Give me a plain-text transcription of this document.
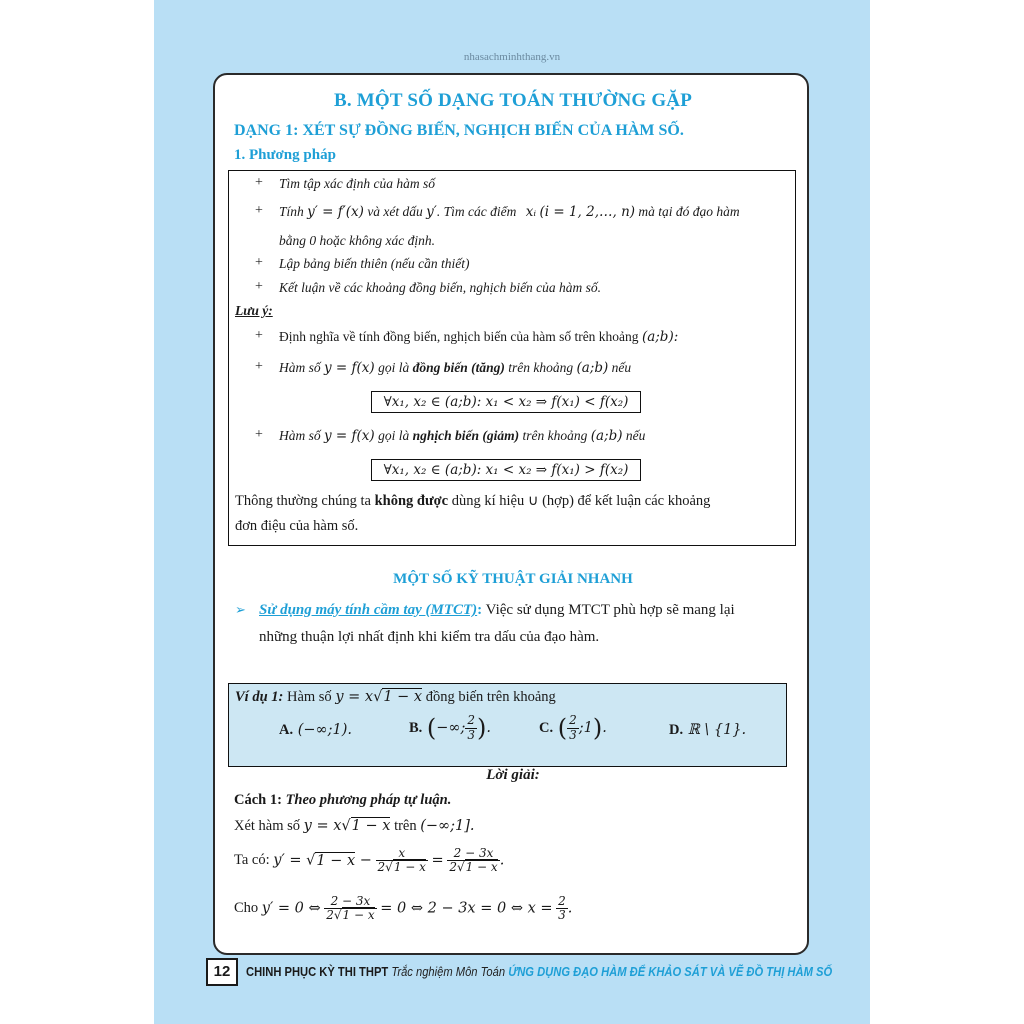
nhasachminhthang.vn
B. MỘT SỐ DẠNG TOÁN THƯỜNG GẶP
DẠNG 1: XÉT SỰ ĐỒNG BIẾN, NGHỊCH BIẾN CỦA HÀM SỐ.
1. Phương pháp
+ Tìm tập xác định của hàm số
+ Tính y′ = f′(x) và xét dấu y′. Tìm các điểm xᵢ (i = 1, 2,…, n) mà tại đó đạo hàm
bằng 0 hoặc không xác định.
+ Lập bảng biến thiên (nếu cần thiết)
+ Kết luận về các khoảng đồng biến, nghịch biến của hàm số.
Lưu ý:
+ Định nghĩa về tính đồng biến, nghịch biến của hàm số trên khoảng (a;b):
+ Hàm số y = f(x) gọi là đồng biến (tăng) trên khoảng (a;b) nếu
∀x₁, x₂ ∈ (a;b): x₁ < x₂ ⇒ f(x₁) < f(x₂)
+ Hàm số y = f(x) gọi là nghịch biến (giảm) trên khoảng (a;b) nếu
∀x₁, x₂ ∈ (a;b): x₁ < x₂ ⇒ f(x₁) > f(x₂)
Thông thường chúng ta không được dùng kí hiệu ∪ (hợp) để kết luận các khoảng
đơn điệu của hàm số.
MỘT SỐ KỸ THUẬT GIẢI NHANH
➢ Sử dụng máy tính cầm tay (MTCT): Việc sử dụng MTCT phù hợp sẽ mang lại
những thuận lợi nhất định khi kiểm tra dấu của đạo hàm.
Ví dụ 1: Hàm số y = x√1 − x đồng biến trên khoảng
A. (−∞;1).	B. (−∞; $\frac{2}{3}$ ).	C. ( $\frac{2}{3}$ ;1).	D. ℝ \ {1}.
Lời giải:
Cách 1: Theo phương pháp tự luận.
Xét hàm số y = x√1 − x trên (−∞;1].
Ta có: $y' = √1 - x - \frac{x}{2√1 - x} = \frac{2 - 3x}{2√1 - x}$ .
Cho y′ = 0 ⇔ $\frac{2 - 3x}{2√1 - x} = 0$ ⇔ 2 − 3x = 0 ⇔ $x = \frac{2}{3}$ .
12	CHINH PHỤC KỲ THI THPT Trắc nghiệm Môn Toán ỨNG DỤNG ĐẠO HÀM ĐỂ KHẢO SÁT VÀ VẼ ĐỒ THỊ HÀM SỐ
